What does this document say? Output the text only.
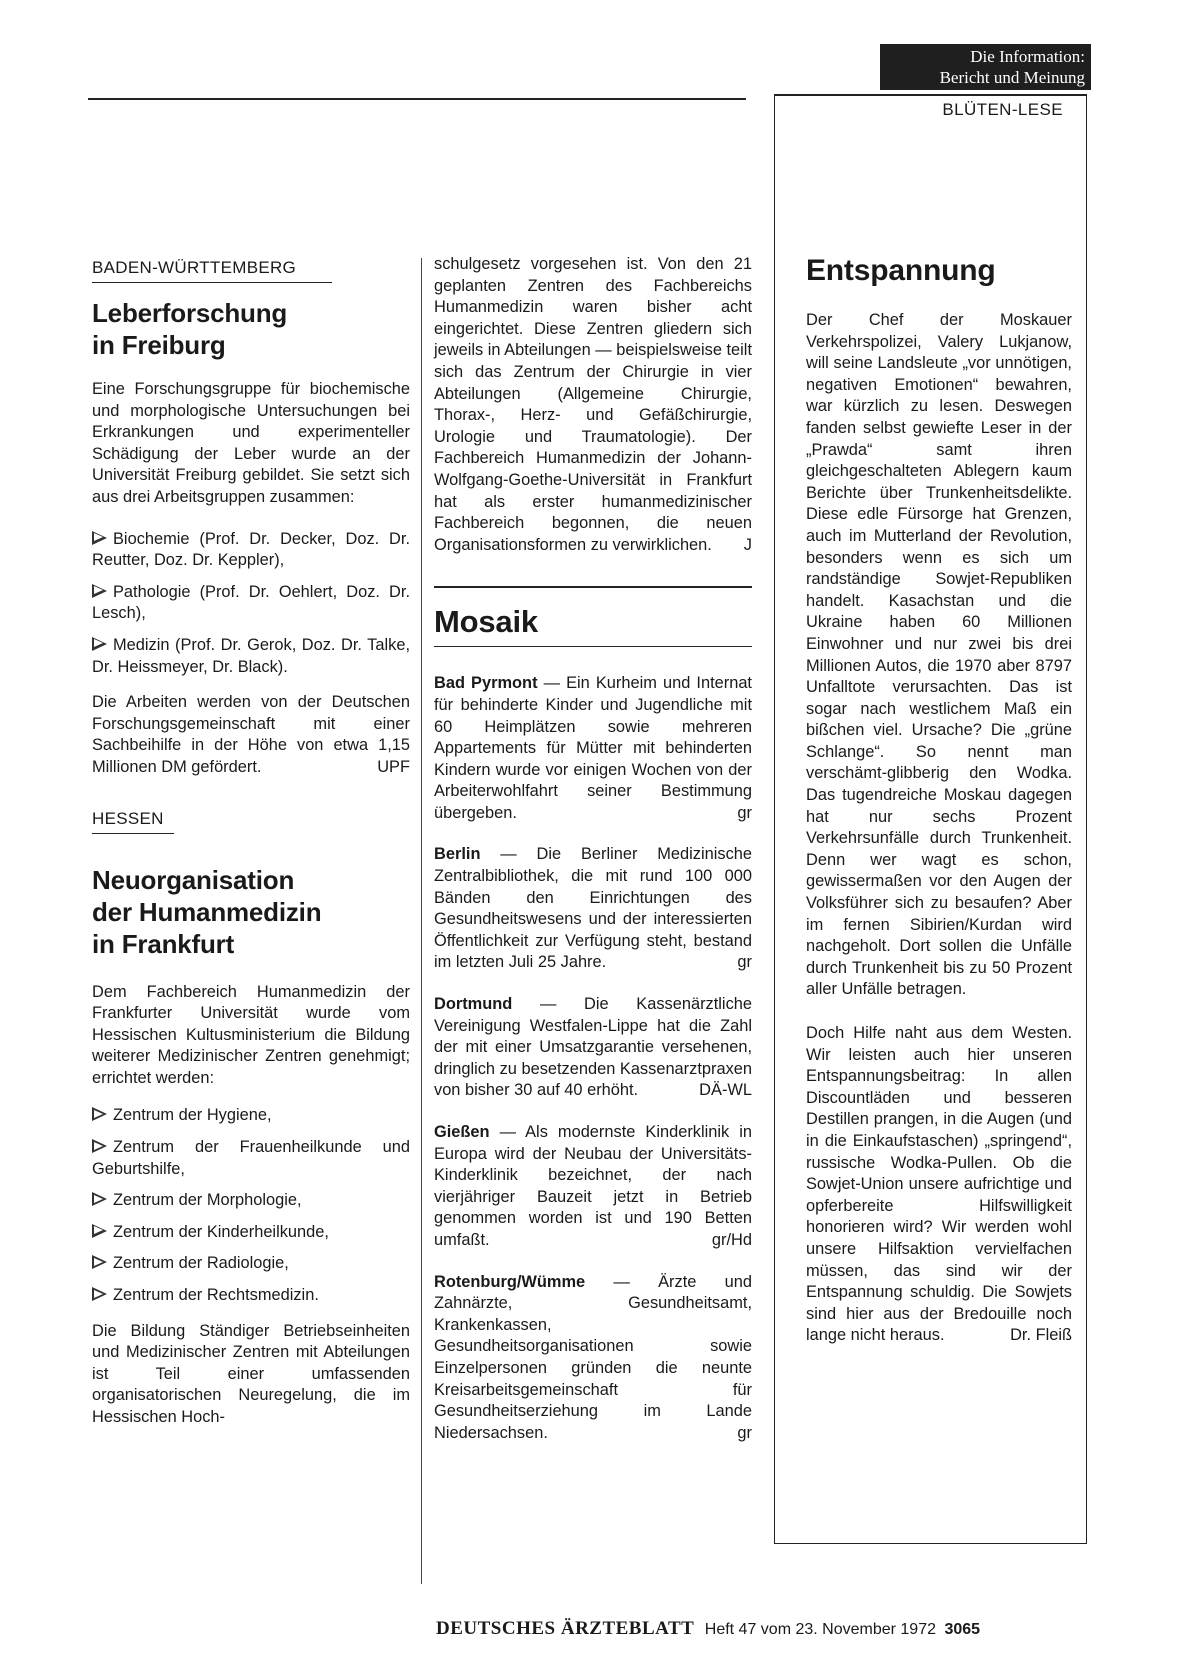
Die Information:
Bericht und Meinung
BLÜTEN-LESE
BADEN-WÜRTTEMBERG
Leberforschung
in Freiburg
Eine Forschungsgruppe für biochemische und morphologische Untersuchungen bei Erkrankungen und experimenteller Schädigung der Leber wurde an der Universität Freiburg gebildet. Sie setzt sich aus drei Arbeitsgruppen zusammen:
Biochemie (Prof. Dr. Decker, Doz. Dr. Reutter, Doz. Dr. Keppler),
Pathologie (Prof. Dr. Oehlert, Doz. Dr. Lesch),
Medizin (Prof. Dr. Gerok, Doz. Dr. Talke, Dr. Heissmeyer, Dr. Black).
Die Arbeiten werden von der Deutschen Forschungsgemeinschaft mit einer Sachbeihilfe in der Höhe von etwa 1,15 Millionen DM gefördert.	UPF
HESSEN
Neuorganisation
der Humanmedizin
in Frankfurt
Dem Fachbereich Humanmedizin der Frankfurter Universität wurde vom Hessischen Kultusministerium die Bildung weiterer Medizinischer Zentren genehmigt; errichtet werden:
Zentrum der Hygiene,
Zentrum der Frauenheilkunde und Geburtshilfe,
Zentrum der Morphologie,
Zentrum der Kinderheilkunde,
Zentrum der Radiologie,
Zentrum der Rechtsmedizin.
Die Bildung Ständiger Betriebseinheiten und Medizinischer Zentren mit Abteilungen ist Teil einer umfassenden organisatorischen Neuregelung, die im Hessischen Hoch-
schulgesetz vorgesehen ist. Von den 21 geplanten Zentren des Fachbereichs Humanmedizin waren bisher acht eingerichtet. Diese Zentren gliedern sich jeweils in Abteilungen — beispielsweise teilt sich das Zentrum der Chirurgie in vier Abteilungen (Allgemeine Chirurgie, Thorax-, Herz- und Gefäßchirurgie, Urologie und Traumatologie). Der Fachbereich Humanmedizin der Johann-Wolfgang-Goethe-Universität in Frankfurt hat als erster humanmedizinischer Fachbereich begonnen, die neuen Organisationsformen zu verwirklichen. J
Mosaik
Bad Pyrmont — Ein Kurheim und Internat für behinderte Kinder und Jugendliche mit 60 Heimplätzen sowie mehreren Appartements für Mütter mit behinderten Kindern wurde vor einigen Wochen von der Arbeiterwohlfahrt seiner Bestimmung übergeben.	gr
Berlin — Die Berliner Medizinische Zentralbibliothek, die mit rund 100 000 Bänden den Einrichtungen des Gesundheitswesens und der interessierten Öffentlichkeit zur Verfügung steht, bestand im letzten Juli 25 Jahre.	gr
Dortmund — Die Kassenärztliche Vereinigung Westfalen-Lippe hat die Zahl der mit einer Umsatzgarantie versehenen, dringlich zu besetzenden Kassenarztpraxen von bisher 30 auf 40 erhöht.	DÄ-WL
Gießen — Als modernste Kinderklinik in Europa wird der Neubau der Universitäts-Kinderklinik bezeichnet, der nach vierjähriger Bauzeit jetzt in Betrieb genommen worden ist und 190 Betten umfaßt.	gr/Hd
Rotenburg/Wümme — Ärzte und Zahnärzte, Gesundheitsamt, Krankenkassen, Gesundheitsorganisationen sowie Einzelpersonen gründen die neunte Kreisarbeitsgemeinschaft für Gesundheitserziehung im Lande Niedersachsen.	gr
Entspannung
Der Chef der Moskauer Verkehrspolizei, Valery Lukjanow, will seine Landsleute „vor unnötigen, negativen Emotionen“ bewahren, war kürzlich zu lesen. Deswegen fanden selbst gewiefte Leser in der „Prawda“ samt ihren gleichgeschalteten Ablegern kaum Berichte über Trunkenheitsdelikte. Diese edle Fürsorge hat Grenzen, auch im Mutterland der Revolution, besonders wenn es sich um randständige Sowjet-Republiken handelt. Kasachstan und die Ukraine haben 60 Millionen Einwohner und nur zwei bis drei Millionen Autos, die 1970 aber 8797 Unfalltote verursachten. Das ist sogar nach westlichem Maß ein bißchen viel. Ursache? Die „grüne Schlange“. So nennt man verschämt-glibberig den Wodka. Das tugendreiche Moskau dagegen hat nur sechs Prozent Verkehrsunfälle durch Trunkenheit. Denn wer wagt es schon, gewissermaßen vor den Augen der Volksführer sich zu besaufen? Aber im fernen Sibirien/Kurdan wird nachgeholt. Dort sollen die Unfälle durch Trunkenheit bis zu 50 Prozent aller Unfälle betragen.
Doch Hilfe naht aus dem Westen. Wir leisten auch hier unseren Entspannungsbeitrag: In allen Discountläden und besseren Destillen prangen, in die Augen (und in die Einkaufstaschen) „springend“, russische Wodka-Pullen. Ob die Sowjet-Union unsere aufrichtige und opferbereite Hilfswilligkeit honorieren wird? Wir werden wohl unsere Hilfsaktion vervielfachen müssen, das sind wir der Entspannung schuldig. Die Sowjets sind hier aus der Bredouille noch lange nicht heraus.	Dr. Fleiß
DEUTSCHES ÄRZTEBLATT Heft 47 vom 23. November 1972 3065
